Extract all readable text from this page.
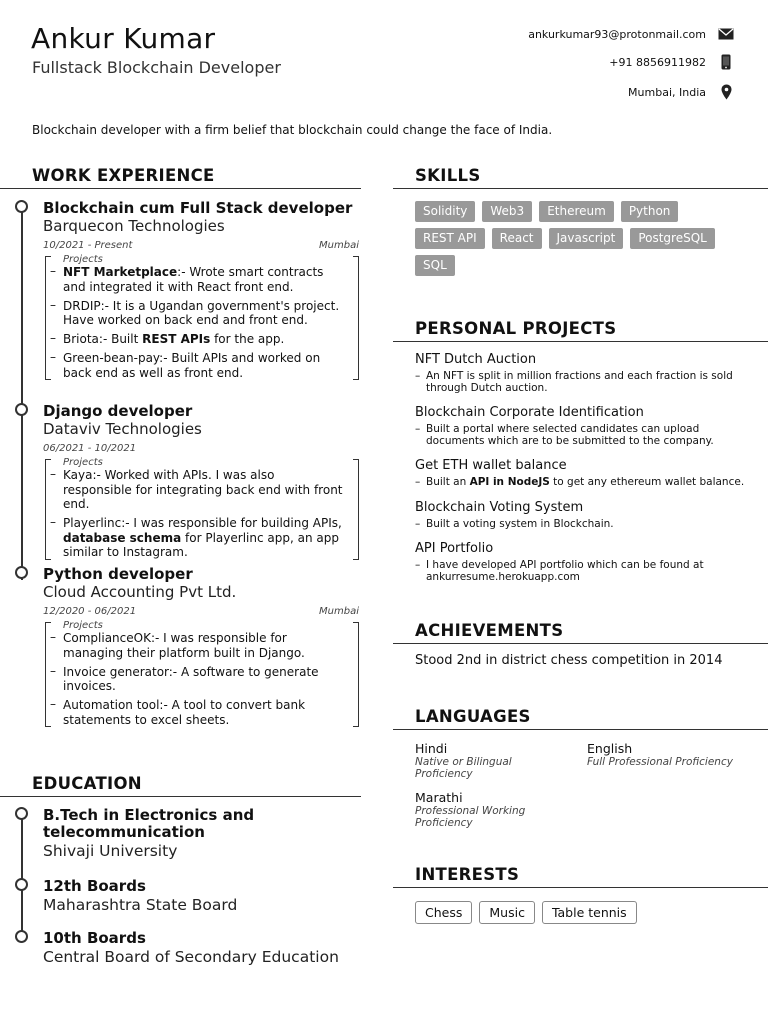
Ankur Kumar
Fullstack Blockchain Developer
ankurkumar93@protonmail.com
+91 8856911982
Mumbai, India
Blockchain developer with a firm belief that blockchain could change the face of India.
WORK EXPERIENCE
Blockchain cum Full Stack developer
Barquecon Technologies
10/2021 - Present	Mumbai
Projects
– NFT Marketplace:- Wrote smart contracts and integrated it with React front end.
– DRDIP:- It is a Ugandan government's project. Have worked on back end and front end.
– Briota:- Built REST APIs for the app.
– Green-bean-pay:- Built APIs and worked on back end as well as front end.
Django developer
Dataviv Technologies
06/2021 - 10/2021
Projects
– Kaya:- Worked with APIs. I was also responsible for integrating back end with front end.
– Playerlinc:- I was responsible for building APIs, database schema for Playerlinc app, an app similar to Instagram.
Python developer
Cloud Accounting Pvt Ltd.
12/2020 - 06/2021	Mumbai
Projects
– ComplianceOK:- I was responsible for managing their platform built in Django.
– Invoice generator:- A software to generate invoices.
– Automation tool:- A tool to convert bank statements to excel sheets.
EDUCATION
B.Tech in Electronics and telecommunication
Shivaji University
12th Boards
Maharashtra State Board
10th Boards
Central Board of Secondary Education
SKILLS
Solidity	Web3	Ethereum	Python
REST API	React	Javascript	PostgreSQL
SQL
PERSONAL PROJECTS
NFT Dutch Auction
– An NFT is split in million fractions and each fraction is sold through Dutch auction.
Blockchain Corporate Identification
– Built a portal where selected candidates can upload documents which are to be submitted to the company.
Get ETH wallet balance
– Built an API in NodeJS to get any ethereum wallet balance.
Blockchain Voting System
– Built a voting system in Blockchain.
API Portfolio
– I have developed API portfolio which can be found at ankurresume.herokuapp.com
ACHIEVEMENTS
Stood 2nd in district chess competition in 2014
LANGUAGES
Hindi
Native or Bilingual Proficiency
English
Full Professional Proficiency
Marathi
Professional Working Proficiency
INTERESTS
Chess	Music	Table tennis
